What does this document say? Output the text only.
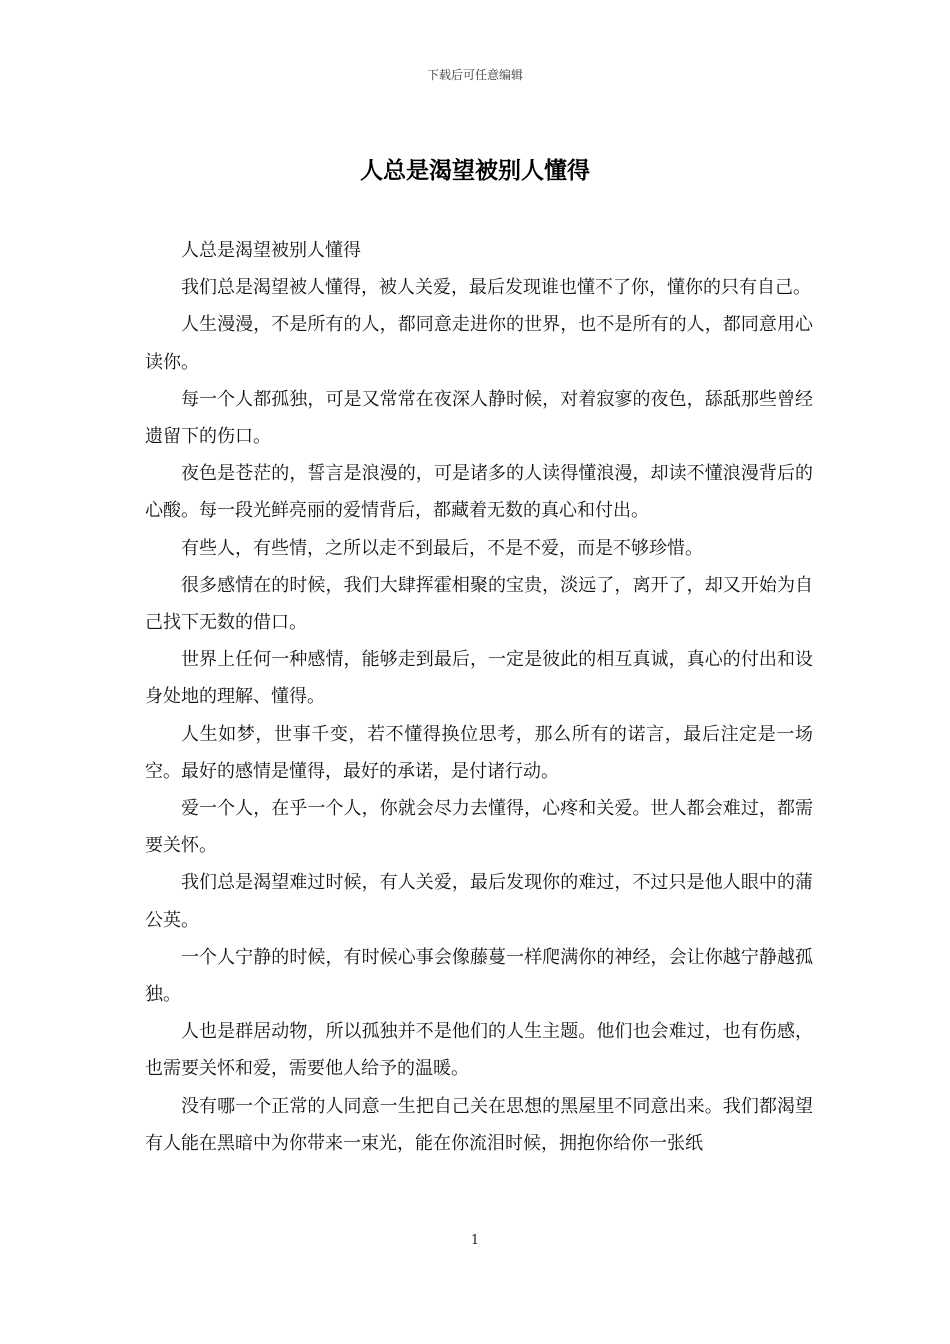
下载后可任意编辑
人总是渴望被别人懂得

人总是渴望被别人懂得

我们总是渴望被人懂得，被人关爱，最后发现谁也懂不了你，懂你的只有自己。

人生漫漫，不是所有的人，都同意走进你的世界，也不是所有的人，都同意用心读你。

每一个人都孤独，可是又常常在夜深人静时候，对着寂寥的夜色，舔舐那些曾经遗留下的伤口。

夜色是苍茫的，誓言是浪漫的，可是诸多的人读得懂浪漫，却读不懂浪漫背后的心酸。每一段光鲜亮丽的爱情背后，都藏着无数的真心和付出。

有些人，有些情，之所以走不到最后，不是不爱，而是不够珍惜。

很多感情在的时候，我们大肆挥霍相聚的宝贵，淡远了，离开了，却又开始为自己找下无数的借口。

世界上任何一种感情，能够走到最后，一定是彼此的相互真诚，真心的付出和设身处地的理解、懂得。

人生如梦，世事千变，若不懂得换位思考，那么所有的诺言，最后注定是一场空。最好的感情是懂得，最好的承诺，是付诸行动。

爱一个人，在乎一个人，你就会尽力去懂得，心疼和关爱。世人都会难过，都需要关怀。

我们总是渴望难过时候，有人关爱，最后发现你的难过，不过只是他人眼中的蒲公英。

一个人宁静的时候，有时候心事会像藤蔓一样爬满你的神经，会让你越宁静越孤独。

人也是群居动物，所以孤独并不是他们的人生主题。他们也会难过，也有伤感，也需要关怀和爱，需要他人给予的温暖。

没有哪一个正常的人同意一生把自己关在思想的黑屋里不同意出来。我们都渴望有人能在黑暗中为你带来一束光，能在你流泪时候，拥抱你给你一张纸

1
